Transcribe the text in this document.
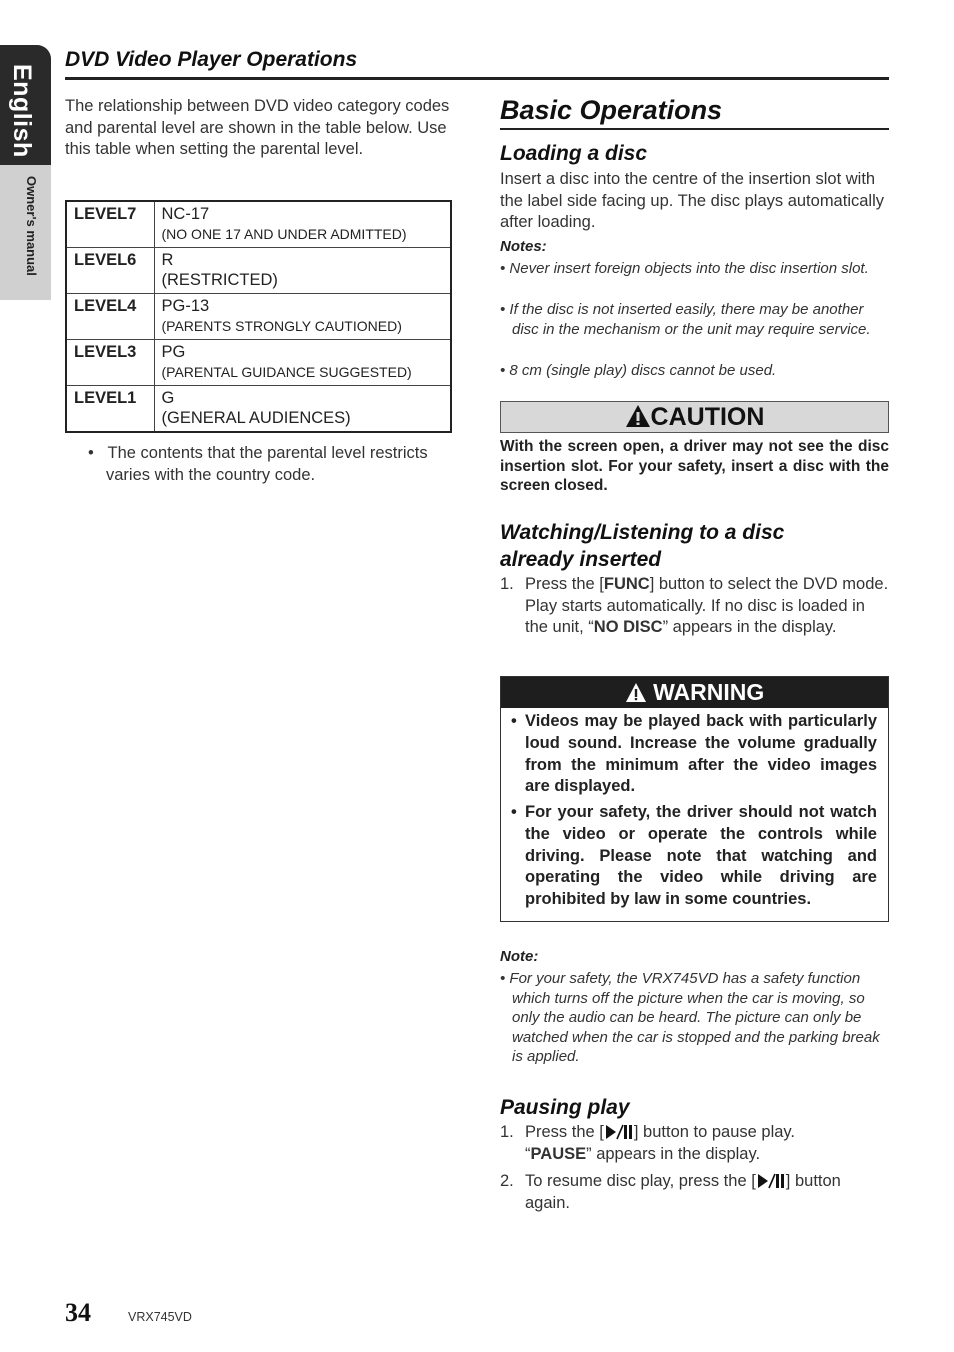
English
Owner's manual
DVD Video Player Operations
The relationship between DVD video category codes and parental level are shown in the table below. Use this table when setting the parental level.
LEVEL7	NC-17
(NO ONE 17 AND UNDER ADMITTED)

LEVEL6	R
(RESTRICTED)

LEVEL4	PG-13
(PARENTS STRONGLY CAUTIONED)

LEVEL3	PG
(PARENTAL GUIDANCE SUGGESTED)

LEVEL1	G
(GENERAL AUDIENCES)
•   The contents that the parental level restricts varies with the country code.
Basic Operations
Loading a disc
Insert a disc into the centre of the insertion slot with the label side facing up. The disc plays automatically after loading.
Notes:
• Never insert foreign objects into the disc insertion slot.
• If the disc is not inserted easily, there may be another disc in the mechanism or the unit may require service.
• 8 cm (single play) discs cannot be used.
CAUTION
With the screen open, a driver may not see the disc insertion slot. For your safety, insert a disc with the screen closed.
Watching/Listening to a disc
already inserted
1. Press the [FUNC] button to select the DVD mode. Play starts automatically. If no disc is loaded in the unit, “NO DISC” appears in the display.
WARNING
• Videos may be played back with particularly loud sound. Increase the volume gradually from the minimum after the video images are displayed.
• For your safety, the driver should not watch the video or operate the controls while driving. Please note that watching and operating the video while driving are prohibited by law in some countries.
Note:
• For your safety, the VRX745VD has a safety function which turns off the picture when the car is moving, so only the audio can be heard. The picture can only be watched when the car is stopped and the parking break is applied.
Pausing play
1. Press the [ ] button to pause play.
“PAUSE” appears in the display.
2. To resume disc play, press the [ ] button again.
34	VRX745VD
